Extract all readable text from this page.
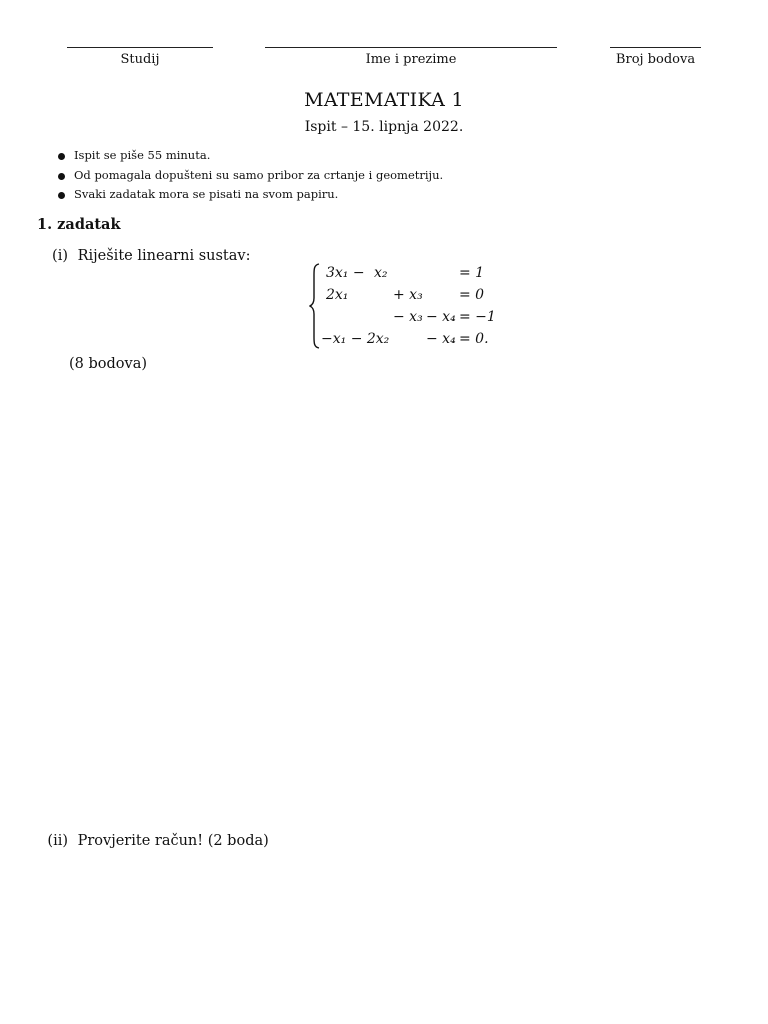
Studij	Ime i prezime	Broj bodova
MATEMATIKA 1
Ispit – 15. lipnja 2022.
Ispit se piše 55 minuta.
Od pomagala dopušteni su samo pribor za crtanje i geometriju.
Svaki zadatak mora se pisati na svom papiru.
1. zadatak
(i) Riješite linearni sustav:
3x₁ − x₂	= 1
2x₁	+ x₃	= 0
− x₃ − x₄ = −1
−x₁ − 2x₂	− x₄ = 0.
(8 bodova)
(ii) Provjerite račun! (2 boda)
